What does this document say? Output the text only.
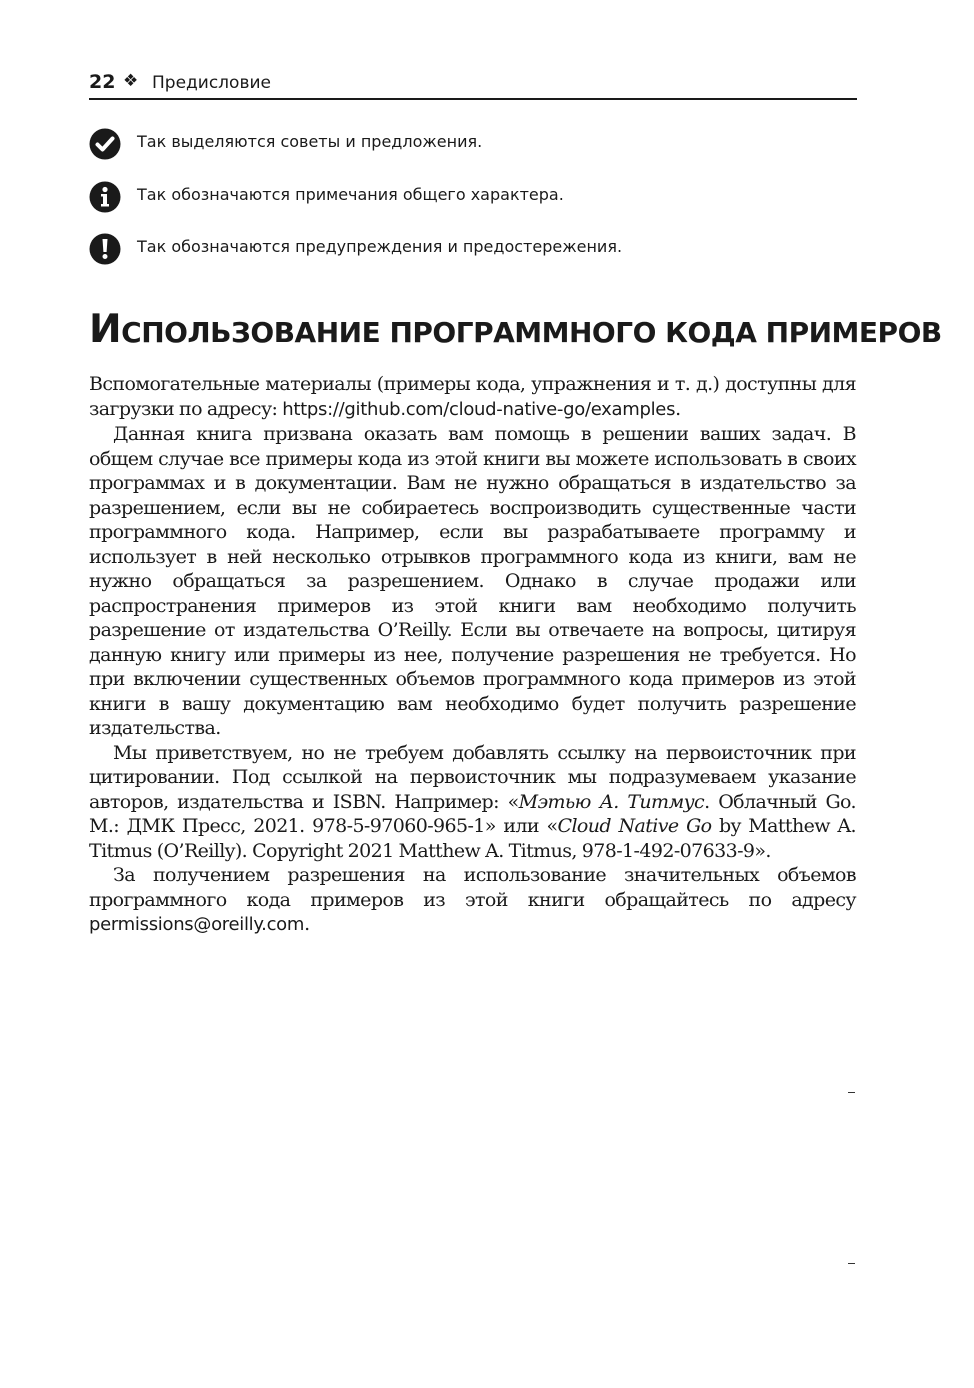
22 ❖ Предисловие
Так выделяются советы и предложения.
Так обозначаются примечания общего характера.
Так обозначаются предупреждения и предостережения.
ИСПОЛЬЗОВАНИЕ ПРОГРАММНОГО КОДА ПРИМЕРОВ

Вспомогательные материалы (примеры кода, упражнения и т. д.) доступны для загрузки по адресу: https://github.com/cloud-native-go/examples.

Данная книга призвана оказать вам помощь в решении ваших задач. В общем случае все примеры кода из этой книги вы можете использовать в своих программах и в документации. Вам не нужно обращаться в издательство за разрешением, если вы не собираетесь воспроизводить существенные части программного кода. Например, если вы разрабатываете программу и использует в ней несколько отрывков программного кода из книги, вам не нужно обращаться за разрешением. Однако в случае продажи или распространения примеров из этой книги вам необходимо получить разрешение от издательства O’Reilly. Если вы отвечаете на вопросы, цитируя данную книгу или примеры из нее, получение разрешения не требуется. Но при включении существенных объемов программного кода примеров из этой книги в вашу документацию вам необходимо будет получить разрешение издательства.

Мы приветствуем, но не требуем добавлять ссылку на первоисточник при цитировании. Под ссылкой на первоисточник мы подразумеваем указание авторов, издательства и ISBN. Например: «Мэтью А. Титмус. Облачный Go. М.: ДМК Пресс, 2021. 978-5-97060-965-1» или «Cloud Native Go by Matthew A. Titmus (O’Reilly). Copyright 2021 Matthew A. Titmus, 978-1-492-07633-9».

За получением разрешения на использование значительных объемов программного кода примеров из этой книги обращайтесь по адресу permissions@oreilly.com.
